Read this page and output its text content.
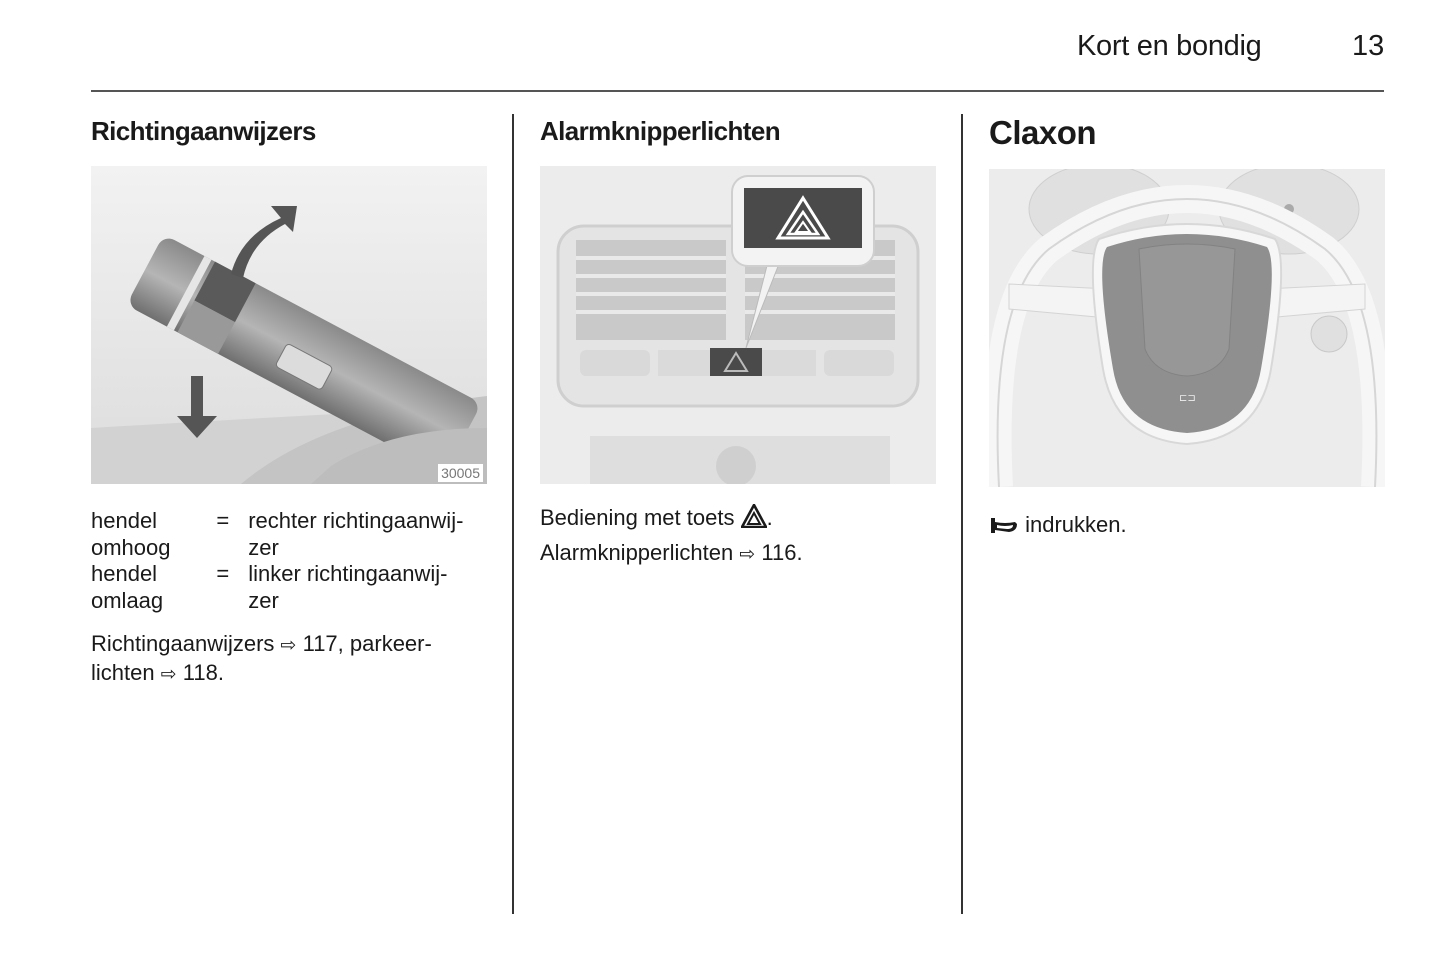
Kort en bondig	13
Richtingaanwijzers
30005
hendel
omhoog
= rechter richtingaanwij-
zer
hendel
omlaag
= linker richtingaanwij-
zer

Richtingaanwijzers ⇨ 117, parkeer-
lichten ⇨ 118.

Alarmknipperlichten

Bediening met toets .

Alarmknipperlichten ⇨ 116.

Claxon
⊏⊐

indrukken.
